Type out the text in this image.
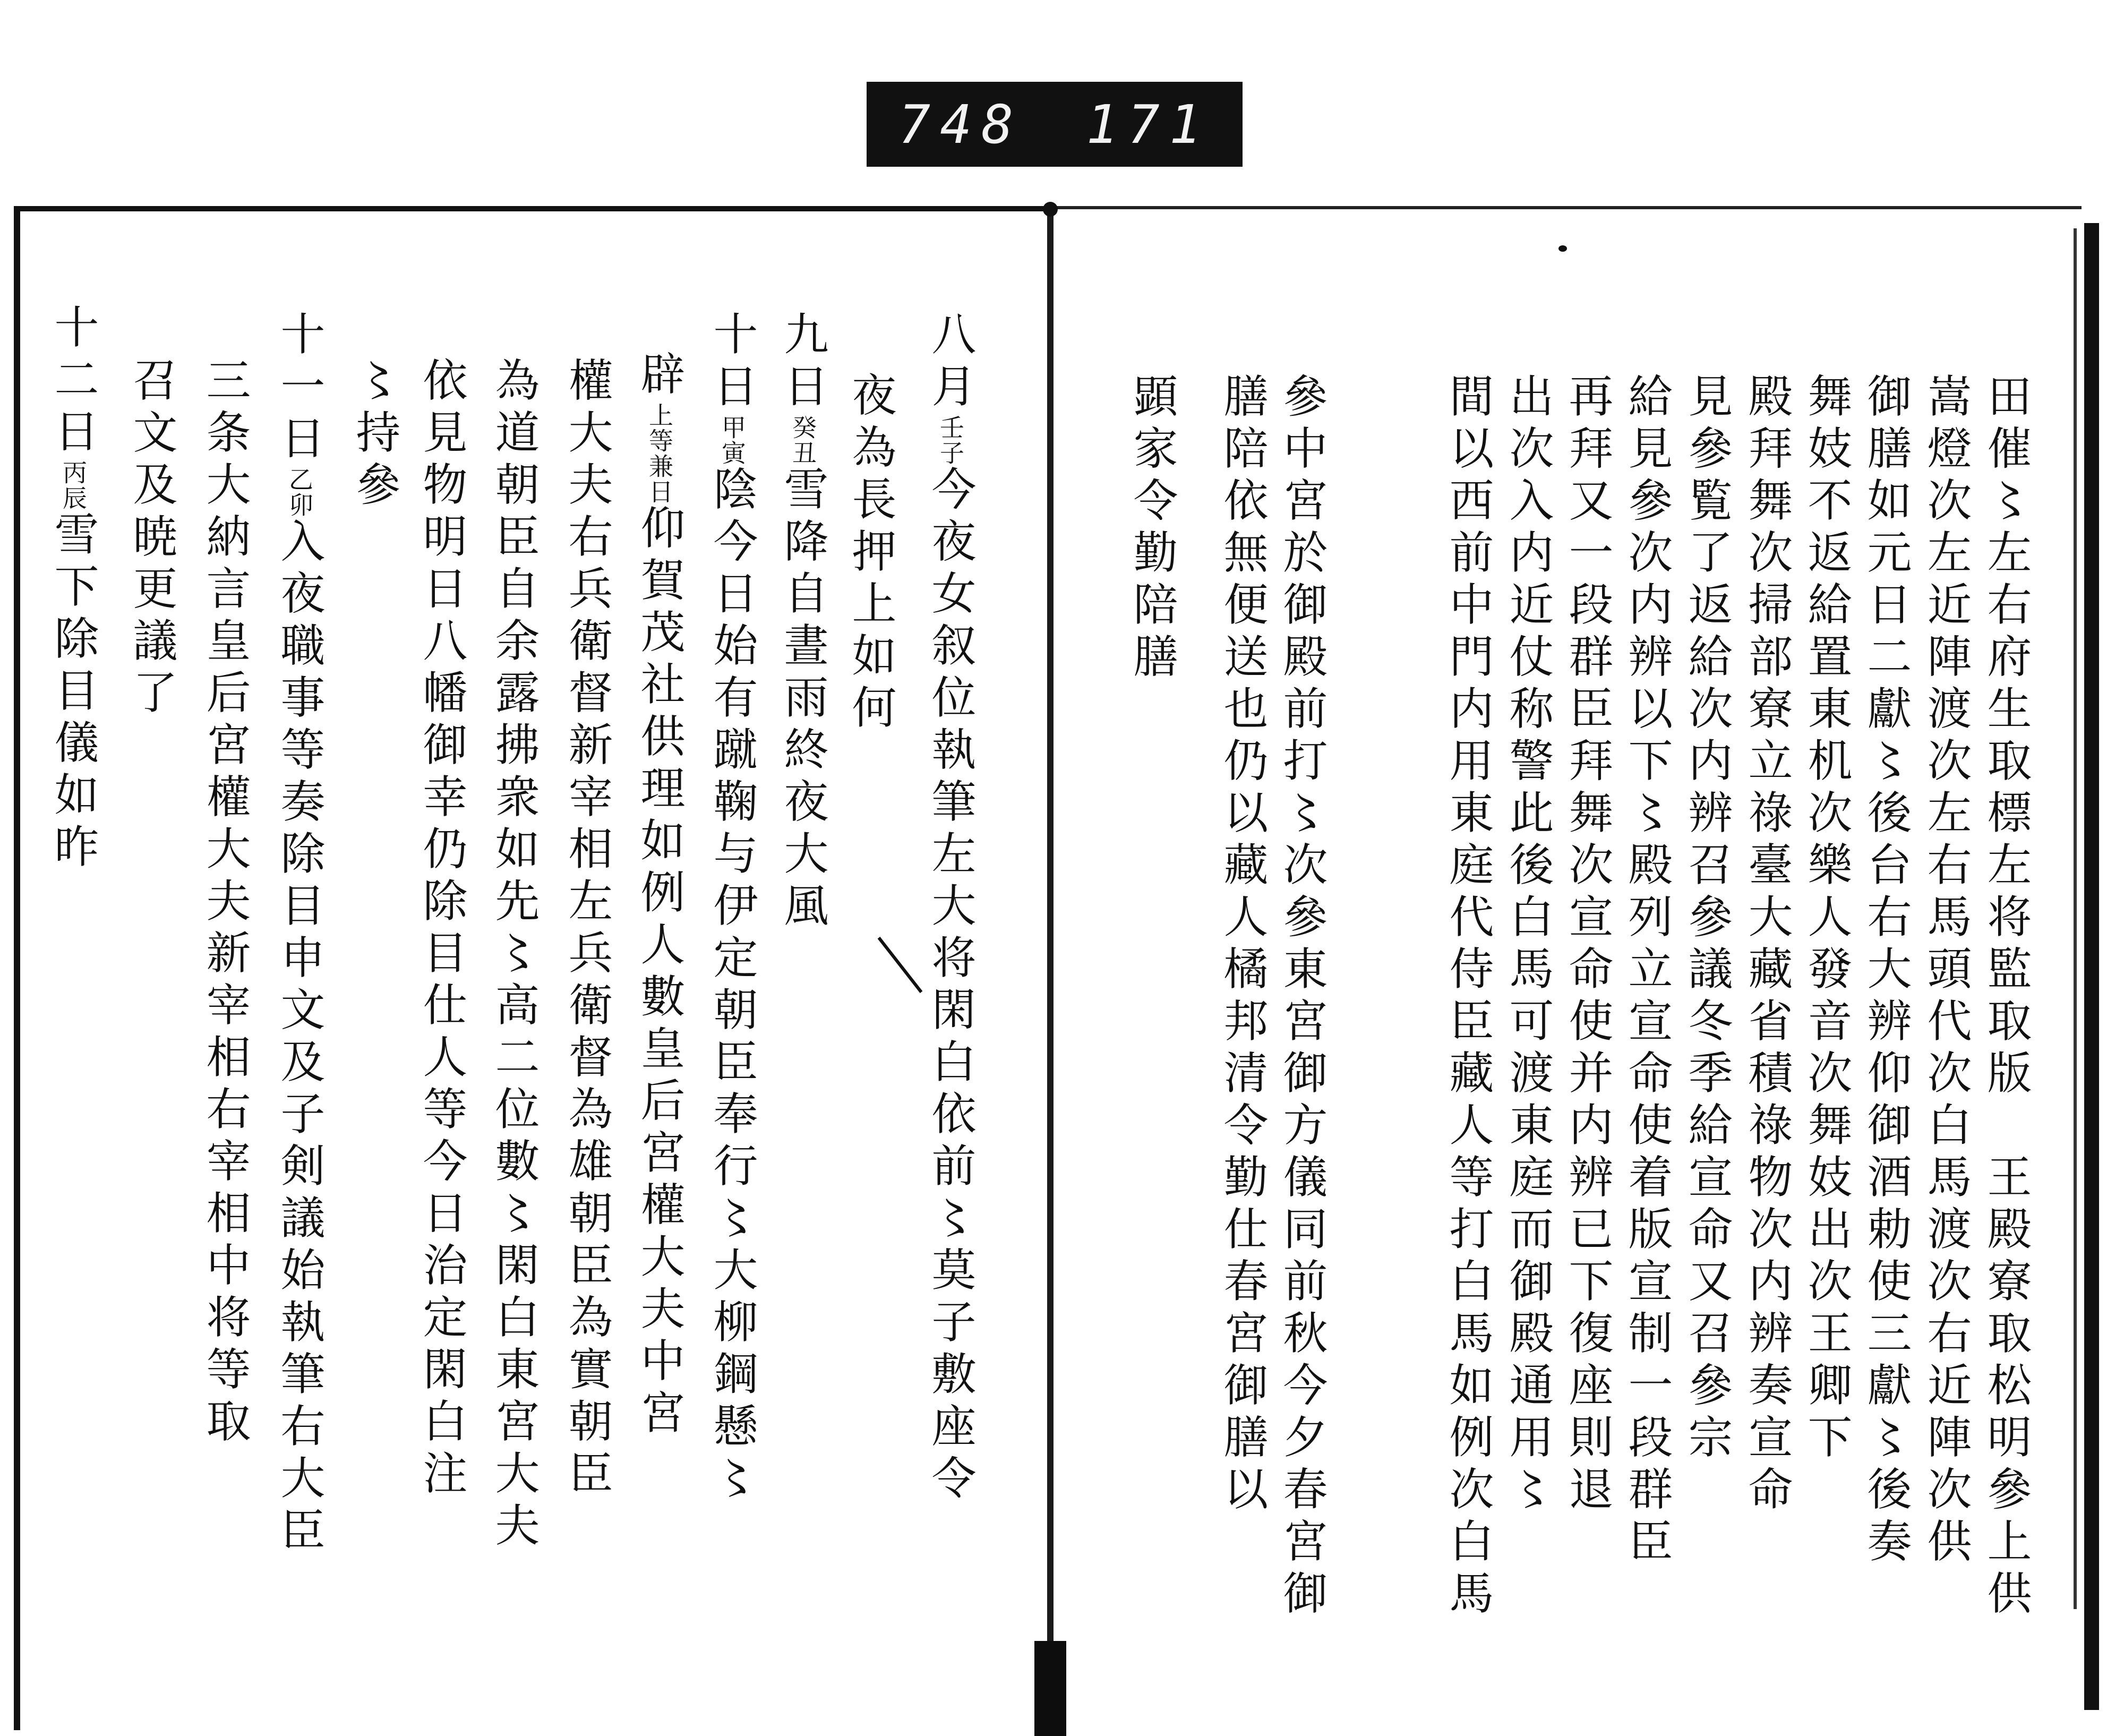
748 171
田催〻左右府生取標左将監取版　王殿寮取松明參上供
嵩燈次左近陣渡次左右馬頭代次白馬渡次右近陣次供
御膳如元日二獻〻後台右大辨仰御酒勅使三獻〻後奏
舞妓不返給置東机次樂人發音次舞妓出次王卿下
殿拜舞次掃部寮立祿臺大藏省積祿物次内辨奏宣命
見參覧了返給次内辨召參議冬季給宣命又召參宗
給見參次内辨以下〻殿列立宣命使着版宣制一段群臣
再拜又一段群臣拜舞次宣命使并内辨已下復座則退
出次入内近仗称警此後白馬可渡東庭而御殿通用〻
間以西前中門内用東庭代侍臣藏人等打白馬如例次白馬
參中宮於御殿前打〻次參東宮御方儀同前秋今夕春宮御
膳陪依無便送也仍以藏人橘邦清令勤仕春宮御膳以
顕家令勤陪膳
八月壬子今夜女叙位執筆左大将閑白依前〻莫子敷座令
夜為長押上如何
九日癸丑雪降自晝雨終夜大風
十日甲寅陰今日始有蹴鞠与伊定朝臣奉行〻大柳鋼懸〻
辟上等兼日仰賀茂社供理如例人數皇后宮權大夫中宮
權大夫右兵衛督新宰相左兵衛督為雄朝臣為實朝臣
為道朝臣自余露拂衆如先〻高二位數〻閑白東宮大夫
依見物明日八幡御幸仍除目仕人等今日治定閑白注
〻持參
十一日乙卯入夜職事等奏除目申文及子剣議始執筆右大臣
三条大納言皇后宮權大夫新宰相右宰相中将等取
召文及暁更議了
十二日丙辰雪下除目儀如昨
